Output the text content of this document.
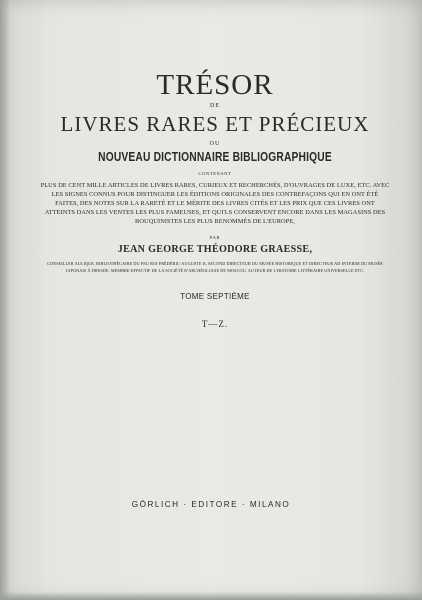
TRÉSOR
DE
LIVRES RARES ET PRÉCIEUX
OU
NOUVEAU DICTIONNAIRE BIBLIOGRAPHIQUE
CONTENANT
PLUS DE CENT MILLE ARTICLES DE LIVRES RARES, CURIEUX ET RECHERCHÉS, D'OUVRAGES DE LUXE, ETC. AVEC LES SIGNES CONNUS POUR DISTINGUER LES ÉDITIONS ORIGINALES DES CONTREFAÇONS QUI EN ONT ÉTÉ FAITES, DES NOTES SUR LA RARETÉ ET LE MÉRITE DES LIVRES CITÉS ET LES PRIX QUE CES LIVRES ONT ATTEINTS DANS LES VENTES LES PLUS FAMEUSES, ET QUI'LS CONSERVENT ENCORE DANS LES MAGASINS DES BOUQUINISTES LES PLUS RENOMMÉS DE L'EUROPE,
PAR
JEAN GEORGE THÉODORE GRAESSE,
CONSEILLER AULIQUE, BIBLIOTHÉCAIRE DU FEU ROI FRÉDÉRIC-AUGUSTE II, SECOND DIRECTEUR DU MUSÉE HISTORIQUE ET DIRECTEUR AD INTERIM DU MUSÉE JAPONAIS À DRESDE, MEMBRE EFFECTIF DE LA SOCIÉTÉ D'ARCHÉOLOGIE DE MOSCOU, AUTEUR DE L'HISTOIRE LITTÉRAIRE UNIVERSELLE ETC.
TOME SEPTIÈME
T—Z.
GÖRLICH · EDITORE · MILANO
